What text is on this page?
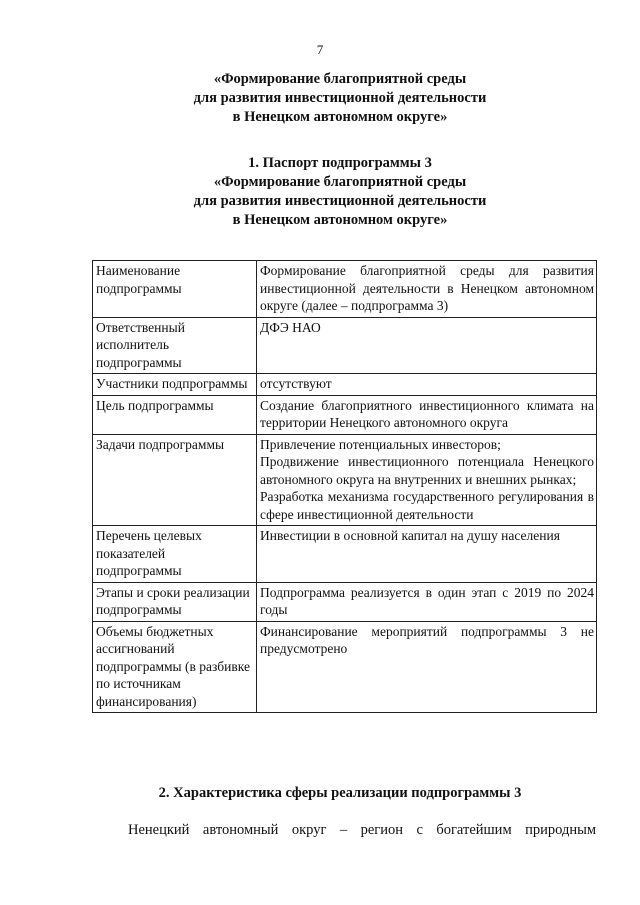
7
«Формирование благоприятной среды
для развития инвестиционной деятельности
в Ненецком автономном округе»
1. Паспорт подпрограммы 3
«Формирование благоприятной среды
для развития инвестиционной деятельности
в Ненецком автономном округе»
Наименование подпрограммы	Формирование благоприятной среды для развития инвестиционной деятельности в Ненецком автономном округе (далее – подпрограмма 3)

Ответственный исполнитель подпрограммы	ДФЭ НАО

Участники подпрограммы	отсутствуют

Цель подпрограммы	Создание благоприятного инвестиционного климата на территории Ненецкого автономного округа

Задачи подпрограммы	Привлечение потенциальных инвесторов;
Продвижение инвестиционного потенциала Ненецкого автономного округа на внутренних и внешних рынках;
Разработка механизма государственного регулирования в сфере инвестиционной деятельности

Перечень целевых показателей подпрограммы	Инвестиции в основной капитал на душу населения

Этапы и сроки реализации подпрограммы	Подпрограмма реализуется в один этап с 2019 по 2024 годы

Объемы бюджетных ассигнований подпрограммы (в разбивке по источникам финансирования)	Финансирование мероприятий подпрограммы 3 не предусмотрено
2. Характеристика сферы реализации подпрограммы 3
Ненецкий автономный округ – регион с богатейшим природным
